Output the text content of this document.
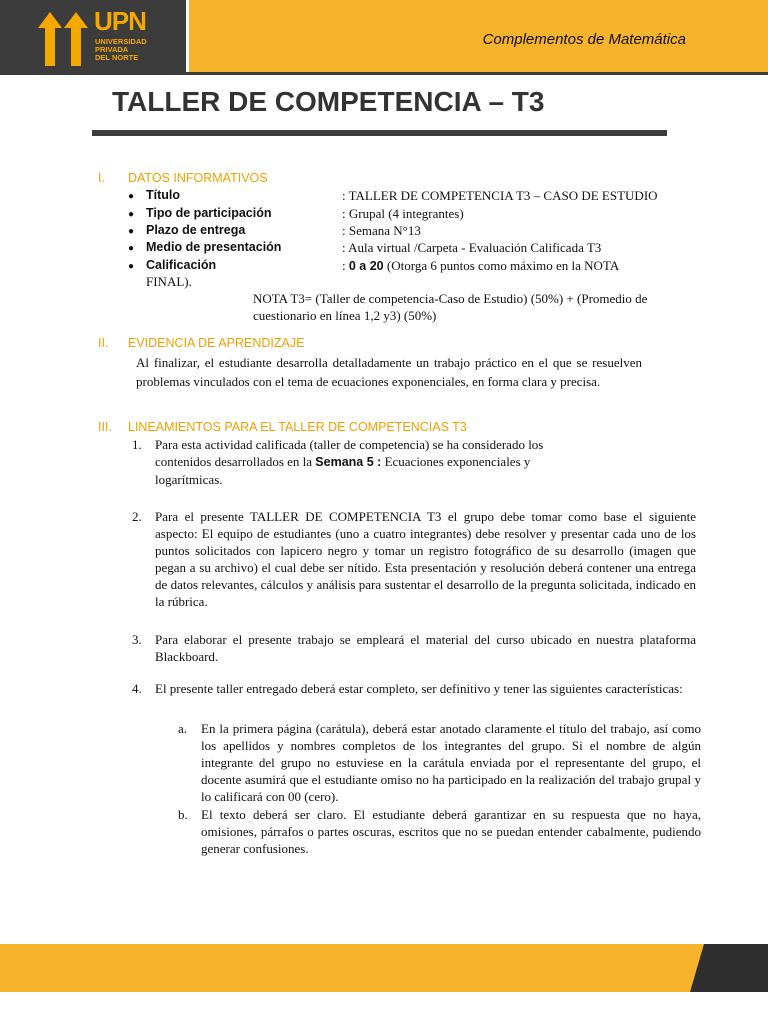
UPN
UNIVERSIDAD
PRIVADA
DEL NORTE
Complementos de Matemática
TALLER DE COMPETENCIA – T3
I. DATOS INFORMATIVOS
● Título	: TALLER DE COMPETENCIA T3 – CASO DE ESTUDIO
● Tipo de participación	: Grupal (4 integrantes)
● Plazo de entrega	: Semana N°13
● Medio de presentación	: Aula virtual /Carpeta - Evaluación Calificada T3
● Calificación	: 0 a 20 (Otorga 6 puntos como máximo en la NOTA
FINAL).
NOTA T3= (Taller de competencia-Caso de Estudio) (50%) + (Promedio de
cuestionario en línea 1,2 y3) (50%)
II. EVIDENCIA DE APRENDIZAJE
Al finalizar, el estudiante desarrolla detalladamente un trabajo práctico en el que se resuelven problemas vinculados con el tema de ecuaciones exponenciales, en forma clara y precisa.
III. LINEAMIENTOS PARA EL TALLER DE COMPETENCIAS T3
1. Para esta actividad calificada (taller de competencia) se ha considerado los contenidos desarrollados en la Semana 5 : Ecuaciones exponenciales y logarítmicas.
2. Para el presente TALLER DE COMPETENCIA T3 el grupo debe tomar como base el siguiente aspecto: El equipo de estudiantes (uno a cuatro integrantes) debe resolver y presentar cada uno de los puntos solicitados con lapicero negro y tomar un registro fotográfico de su desarrollo (imagen que pegan a su archivo) el cual debe ser nítido. Esta presentación y resolución deberá contener una entrega de datos relevantes, cálculos y análisis para sustentar el desarrollo de la pregunta solicitada, indicado en la rúbrica.
3. Para elaborar el presente trabajo se empleará el material del curso ubicado en nuestra plataforma Blackboard.
4. El presente taller entregado deberá estar completo, ser definitivo y tener las siguientes características:
a. En la primera página (carátula), deberá estar anotado claramente el título del trabajo, así como los apellidos y nombres completos de los integrantes del grupo. Si el nombre de algún integrante del grupo no estuviese en la carátula enviada por el representante del grupo, el docente asumirá que el estudiante omiso no ha participado en la realización del trabajo grupal y lo calificará con 00 (cero).
b. El texto deberá ser claro. El estudiante deberá garantizar en su respuesta que no haya, omisiones, párrafos o partes oscuras, escritos que no se puedan entender cabalmente, pudiendo generar confusiones.
